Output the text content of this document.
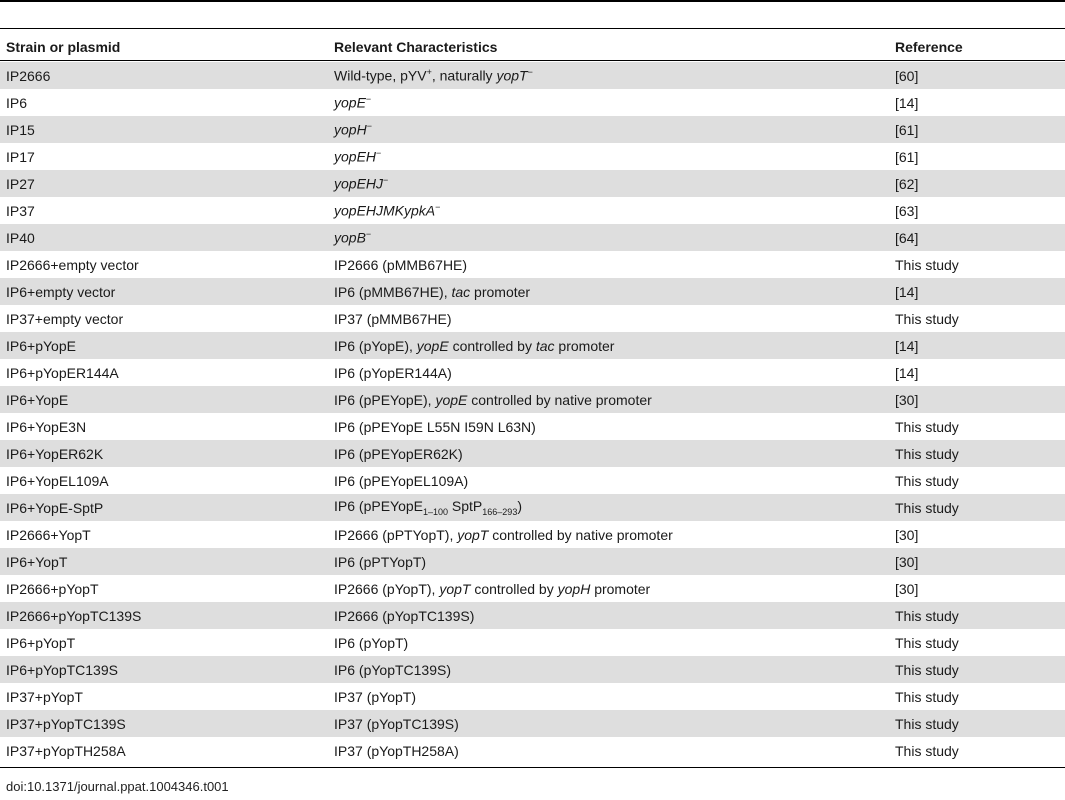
Strain or plasmid	Relevant Characteristics	Reference
IP2666	Wild-type, pYV+, naturally yopT−	[60]
IP6	yopE−	[14]
IP15	yopH−	[61]
IP17	yopEH−	[61]
IP27	yopEHJ−	[62]
IP37	yopEHJMKypkA−	[63]
IP40	yopB−	[64]
IP2666+empty vector	IP2666 (pMMB67HE)	This study
IP6+empty vector	IP6 (pMMB67HE), tac promoter	[14]
IP37+empty vector	IP37 (pMMB67HE)	This study
IP6+pYopE	IP6 (pYopE), yopE controlled by tac promoter	[14]
IP6+pYopER144A	IP6 (pYopER144A)	[14]
IP6+YopE	IP6 (pPEYopE), yopE controlled by native promoter	[30]
IP6+YopE3N	IP6 (pPEYopE L55N I59N L63N)	This study
IP6+YopER62K	IP6 (pPEYopER62K)	This study
IP6+YopEL109A	IP6 (pPEYopEL109A)	This study
IP6+YopE-SptP	IP6 (pPEYopE$_{1-100}$ SptP$_{166-293}$)	This study
IP2666+YopT	IP2666 (pPTYopT), yopT controlled by native promoter	[30]
IP6+YopT	IP6 (pPTYopT)	[30]
IP2666+pYopT	IP2666 (pYopT), yopT controlled by yopH promoter	[30]
IP2666+pYopTC139S	IP2666 (pYopTC139S)	This study
IP6+pYopT	IP6 (pYopT)	This study
IP6+pYopTC139S	IP6 (pYopTC139S)	This study
IP37+pYopT	IP37 (pYopT)	This study
IP37+pYopTC139S	IP37 (pYopTC139S)	This study
IP37+pYopTH258A	IP37 (pYopTH258A)	This study
doi:10.1371/journal.ppat.1004346.t001
